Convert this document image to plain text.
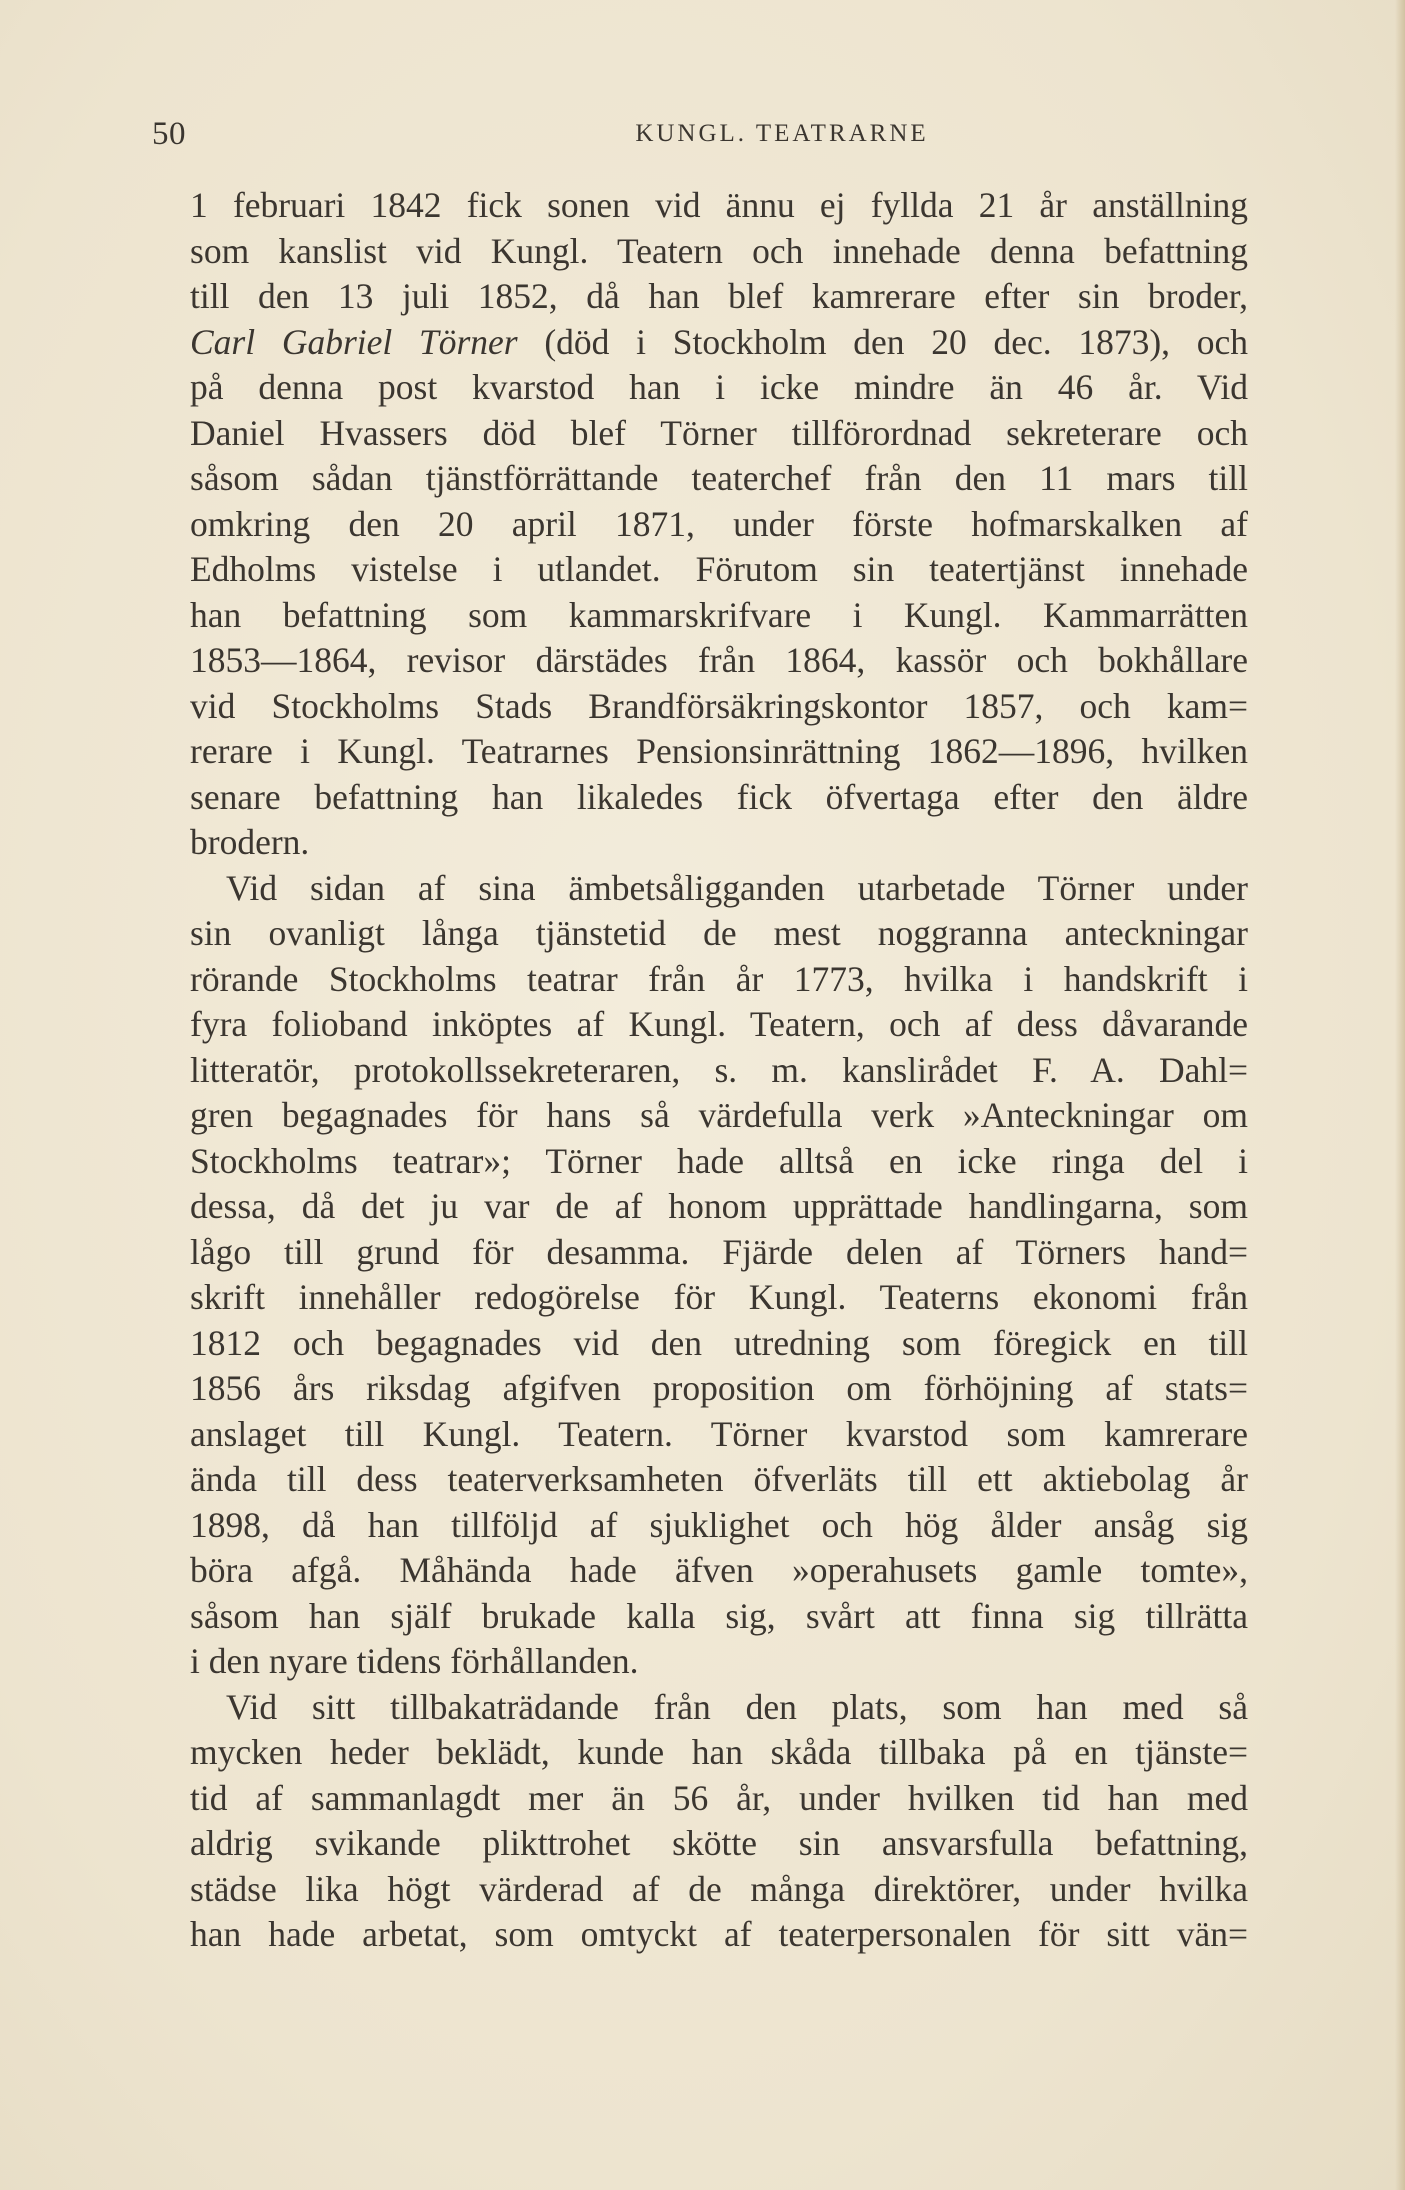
50	KUNGL. TEATRARNE
1 februari 1842 fick sonen vid ännu ej fyllda 21 år anställning
som kanslist vid Kungl. Teatern och innehade denna befattning
till den 13 juli 1852, då han blef kamrerare efter sin broder,
Carl Gabriel Törner (död i Stockholm den 20 dec. 1873), och
på denna post kvarstod han i icke mindre än 46 år. Vid
Daniel Hvassers död blef Törner tillförordnad sekreterare och
såsom sådan tjänstförrättande teaterchef från den 11 mars till
omkring den 20 april 1871, under förste hofmarskalken af
Edholms vistelse i utlandet. Förutom sin teatertjänst innehade
han befattning som kammarskrifvare i Kungl. Kammarrätten
1853—1864, revisor därstädes från 1864, kassör och bokhållare
vid Stockholms Stads Brandförsäkringskontor 1857, och kam=
rerare i Kungl. Teatrarnes Pensionsinrättning 1862—1896, hvilken
senare befattning han likaledes fick öfvertaga efter den äldre
brodern.
Vid sidan af sina ämbetsåligganden utarbetade Törner under
sin ovanligt långa tjänstetid de mest noggranna anteckningar
rörande Stockholms teatrar från år 1773, hvilka i handskrift i
fyra folioband inköptes af Kungl. Teatern, och af dess dåvarande
litteratör, protokollssekreteraren, s. m. kanslirådet F. A. Dahl=
gren begagnades för hans så värdefulla verk »Anteckningar om
Stockholms teatrar»; Törner hade alltså en icke ringa del i
dessa, då det ju var de af honom upprättade handlingarna, som
lågo till grund för desamma. Fjärde delen af Törners hand=
skrift innehåller redogörelse för Kungl. Teaterns ekonomi från
1812 och begagnades vid den utredning som föregick en till
1856 års riksdag afgifven proposition om förhöjning af stats=
anslaget till Kungl. Teatern. Törner kvarstod som kamrerare
ända till dess teaterverksamheten öfverläts till ett aktiebolag år
1898, då han tillföljd af sjuklighet och hög ålder ansåg sig
böra afgå. Måhända hade äfven »operahusets gamle tomte»,
såsom han själf brukade kalla sig, svårt att finna sig tillrätta
i den nyare tidens förhållanden.
Vid sitt tillbakaträdande från den plats, som han med så
mycken heder beklädt, kunde han skåda tillbaka på en tjänste=
tid af sammanlagdt mer än 56 år, under hvilken tid han med
aldrig svikande plikttrohet skötte sin ansvarsfulla befattning,
städse lika högt värderad af de många direktörer, under hvilka
han hade arbetat, som omtyckt af teaterpersonalen för sitt vän=
